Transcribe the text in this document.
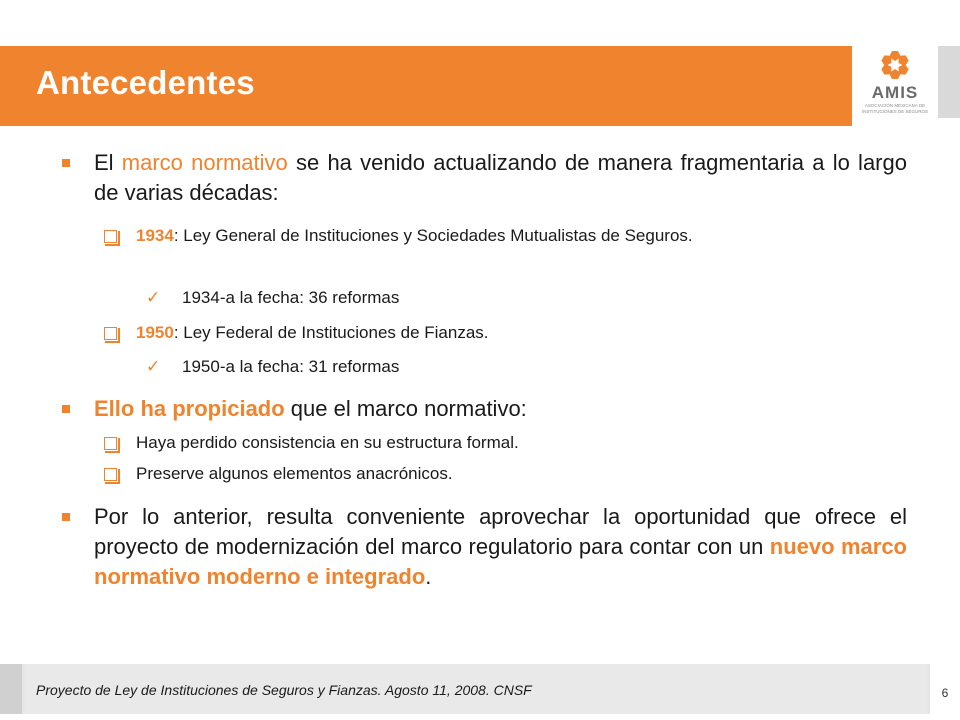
Antecedentes	AMIS
ASOCIACIÓN MEXICANA DE INSTITUCIONES DE SEGUROS
El marco normativo se ha venido actualizando de manera fragmentaria a lo largo de varias décadas:
1934: Ley General de Instituciones y Sociedades Mutualistas de Seguros.
✓ 1934-a la fecha: 36 reformas
1950: Ley Federal de Instituciones de Fianzas.
✓ 1950-a la fecha: 31 reformas
Ello ha propiciado que el marco normativo:
Haya perdido consistencia en su estructura formal.
Preserve algunos elementos anacrónicos.
Por lo anterior, resulta conveniente aprovechar la oportunidad que ofrece el proyecto de modernización del marco regulatorio para contar con un nuevo marco normativo moderno e integrado.
Proyecto de Ley de Instituciones de Seguros y Fianzas. Agosto 11, 2008. CNSF	6
